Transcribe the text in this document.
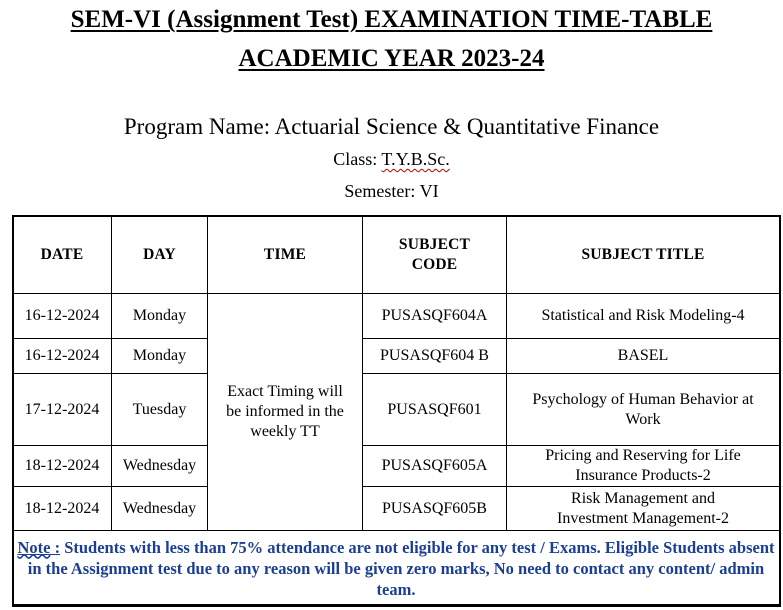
SEM-VI (Assignment Test) EXAMINATION TIME-TABLE
ACADEMIC YEAR 2023-24
Program Name: Actuarial Science & Quantitative Finance
Class: T.Y.B.Sc.
Semester: VI
DATE	DAY	TIME	SUBJECT CODE	SUBJECT TITLE
16-12-2024	Monday	Exact Timing will be informed in the weekly TT	PUSASQF604A	Statistical and Risk Modeling-4
16-12-2024	Monday		PUSASQF604 B	BASEL
17-12-2024	Tuesday		PUSASQF601	Psychology of Human Behavior at Work
18-12-2024	Wednesday		PUSASQF605A	Pricing and Reserving for Life Insurance Products-2
18-12-2024	Wednesday		PUSASQF605B	Risk Management and Investment Management-2
Note : Students with less than 75% attendance are not eligible for any test / Exams. Eligible Students absent in the Assignment test due to any reason will be given zero marks, No need to contact any content/ admin team.				
